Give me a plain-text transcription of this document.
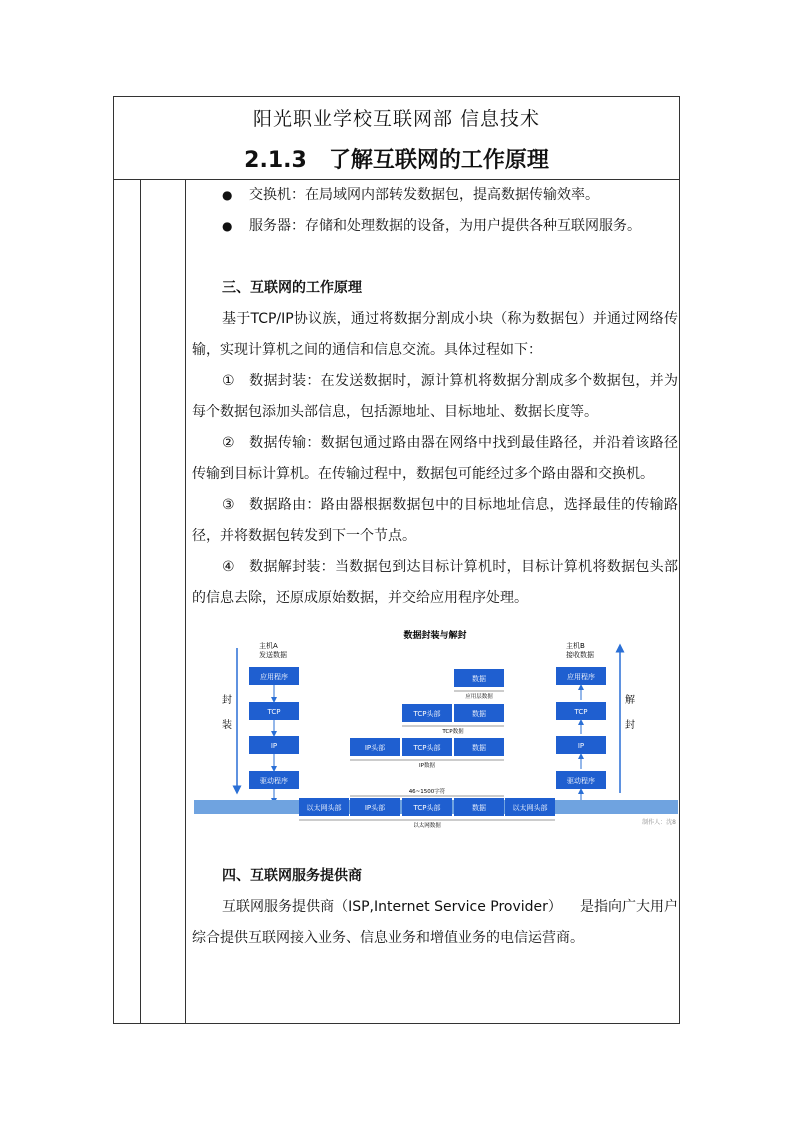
阳光职业学校互联网部 信息技术
2.1.3 了解互联网的工作原理
● 交换机：在局域网内部转发数据包，提高数据传输效率。
● 服务器：存储和处理数据的设备，为用户提供各种互联网服务。
三、互联网的工作原理
基于TCP/IP协议族，通过将数据分割成小块（称为数据包）并通过网络传输，实现计算机之间的通信和信息交流。具体过程如下：
①　数据封装：在发送数据时，源计算机将数据分割成多个数据包，并为每个数据包添加头部信息，包括源地址、目标地址、数据长度等。
②　数据传输：数据包通过路由器在网络中找到最佳路径，并沿着该路径传输到目标计算机。在传输过程中，数据包可能经过多个路由器和交换机。
③　数据路由：路由器根据数据包中的目标地址信息，选择最佳的传输路径，并将数据包转发到下一个节点。
④　数据解封装：当数据包到达目标计算机时，目标计算机将数据包头部的信息去除，还原成原始数据，并交给应用程序处理。
数据封装与解封
主机A
发送数据
主机B
接收数据
封
装
解
封
应用程序
TCP
IP
驱动程序
应用程序
TCP
IP
驱动程序
数据
应用层数据
TCP头部	数据
TCP数据
IP头部	TCP头部	数据
IP数据
46~1500字符
以太网头部	IP头部	TCP头部	数据	以太网头部
以太网数据	制作人：沈8
四、互联网服务提供商
互联网服务提供商（ISP,Internet Service Provider） 是指向广大用户综合提供互联网接入业务、信息业务和增值业务的电信运营商。
